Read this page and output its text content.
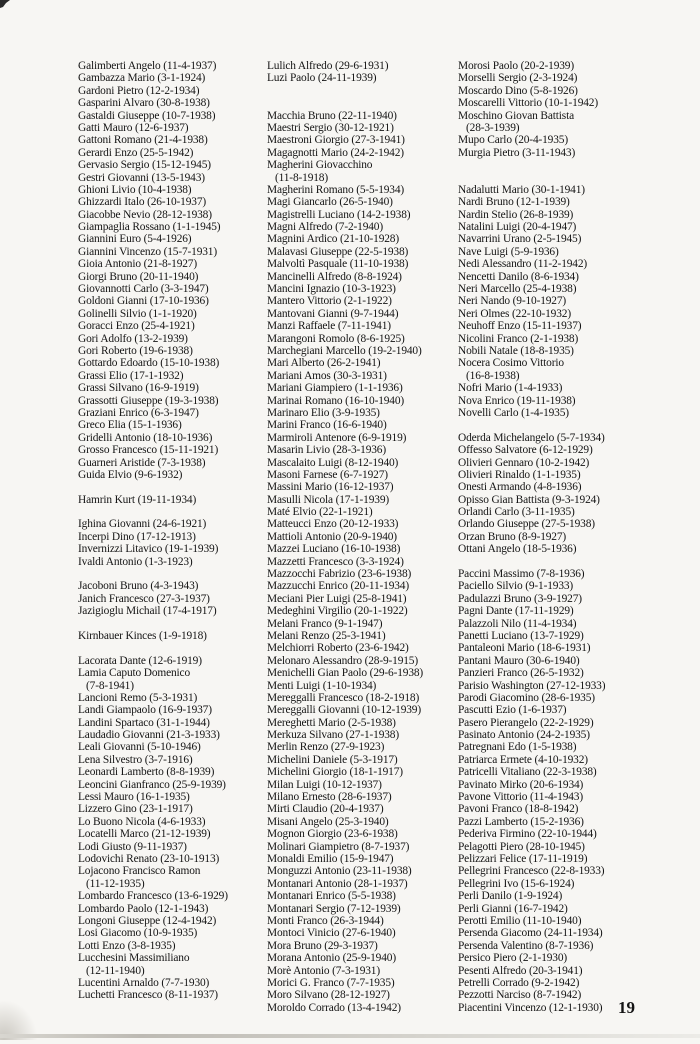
Galimberti Angelo (11-4-1937)
Gambazza Mario (3-1-1924)
Gardoni Pietro (12-2-1934)
Gasparini Alvaro (30-8-1938)
Gastaldi Giuseppe (10-7-1938)
Gatti Mauro (12-6-1937)
Gattoni Romano (21-4-1938)
Gerardi Enzo (25-5-1942)
Gervasio Sergio (15-12-1945)
Gestri Giovanni (13-5-1943)
Ghioni Livio (10-4-1938)
Ghizzardi Italo (26-10-1937)
Giacobbe Nevio (28-12-1938)
Giampaglia Rossano (1-1-1945)
Giannini Euro (5-4-1926)
Giannini Vincenzo (15-7-1931)
Gioia Antonio (21-8-1927)
Giorgi Bruno (20-11-1940)
Giovannotti Carlo (3-3-1947)
Goldoni Gianni (17-10-1936)
Golinelli Silvio (1-1-1920)
Goracci Enzo (25-4-1921)
Gori Adolfo (13-2-1939)
Gori Roberto (19-6-1938)
Gottardo Edoardo (15-10-1938)
Grassi Elio (17-1-1932)
Grassi Silvano (16-9-1919)
Grassotti Giuseppe (19-3-1938)
Graziani Enrico (6-3-1947)
Greco Elia (15-1-1936)
Gridelli Antonio (18-10-1936)
Grosso Francesco (15-11-1921)
Guarneri Aristide (7-3-1938)
Guida Elvio (9-6-1932)
Hamrin Kurt (19-11-1934)
Ighina Giovanni (24-6-1921)
Incerpi Dino (17-12-1913)
Invernizzi Litavico (19-1-1939)
Ivaldi Antonio (1-3-1923)
Jacoboni Bruno (4-3-1943)
Janich Francesco (27-3-1937)
Jazigioglu Michail (17-4-1917)
Kirnbauer Kinces (1-9-1918)
Lacorata Dante (12-6-1919)
Lamia Caputo Domenico
(7-8-1941)
Lancioni Remo (5-3-1931)
Landi Giampaolo (16-9-1937)
Landini Spartaco (31-1-1944)
Laudadio Giovanni (21-3-1933)
Leali Giovanni (5-10-1946)
Lena Silvestro (3-7-1916)
Leonardi Lamberto (8-8-1939)
Leoncini Gianfranco (25-9-1939)
Lessi Mauro (16-1-1935)
Lizzero Gino (23-1-1917)
Lo Buono Nicola (4-6-1933)
Locatelli Marco (21-12-1939)
Lodi Giusto (9-11-1937)
Lodovichi Renato (23-10-1913)
Lojacono Francisco Ramon
(11-12-1935)
Lombardo Francesco (13-6-1929)
Lombardo Paolo (12-1-1943)
Longoni Giuseppe (12-4-1942)
Losi Giacomo (10-9-1935)
Lotti Enzo (3-8-1935)
Lucchesini Massimiliano
(12-11-1940)
Lucentini Arnaldo (7-7-1930)
Luchetti Francesco (8-11-1937)
Lulich Alfredo (29-6-1931)
Luzi Paolo (24-11-1939)
Macchia Bruno (22-11-1940)
Maestri Sergio (30-12-1921)
Maestroni Giorgio (27-3-1941)
Magagnotti Mario (24-2-1942)
Magherini Giovacchino
(11-8-1918)
Magherini Romano (5-5-1934)
Magi Giancarlo (26-5-1940)
Magistrelli Luciano (14-2-1938)
Magni Alfredo (7-2-1940)
Magnini Ardico (21-10-1928)
Malavasi Giuseppe (22-5-1938)
Malvoltì Pasquale (11-10-1938)
Mancinelli Alfredo (8-8-1924)
Mancini Ignazio (10-3-1923)
Mantero Vittorio (2-1-1922)
Mantovani Gianni (9-7-1944)
Manzi Raffaele (7-11-1941)
Marangoni Romolo (8-6-1925)
Marchegiani Marcello (19-2-1940)
Mari Alberto (26-2-1941)
Mariani Amos (30-3-1931)
Mariani Giampiero (1-1-1936)
Marinai Romano (16-10-1940)
Marinaro Elio (3-9-1935)
Marini Franco (16-6-1940)
Marmiroli Antenore (6-9-1919)
Masarin Livio (28-3-1936)
Mascalaito Luigi (8-12-1940)
Masoni Farnese (6-7-1927)
Massini Mario (16-12-1937)
Masulli Nicola (17-1-1939)
Maté Elvio (22-1-1921)
Matteucci Enzo (20-12-1933)
Mattioli Antonio (20-9-1940)
Mazzei Luciano (16-10-1938)
Mazzetti Francesco (3-3-1924)
Mazzocchi Fabrizio (23-6-1938)
Mazzucchi Enrico (20-11-1934)
Meciani Pier Luigi (25-8-1941)
Medeghini Virgilio (20-1-1922)
Melani Franco (9-1-1947)
Melani Renzo (25-3-1941)
Melchiorri Roberto (23-6-1942)
Melonaro Alessandro (28-9-1915)
Menichelli Gian Paolo (29-6-1938)
Menti Luigi (1-10-1934)
Mereggalli Francesco (18-2-1918)
Mereggalli Giovanni (10-12-1939)
Mereghetti Mario (2-5-1938)
Merkuza Silvano (27-1-1938)
Merlin Renzo (27-9-1923)
Michelini Daniele (5-3-1917)
Michelini Giorgio (18-1-1917)
Milan Luigi (10-12-1937)
Milano Ernesto (28-6-1937)
Mirti Claudio (20-4-1937)
Misani Angelo (25-3-1940)
Mognon Giorgio (23-6-1938)
Molinari Giampietro (8-7-1937)
Monaldi Emilio (15-9-1947)
Monguzzi Antonio (23-11-1938)
Montanari Antonio (28-1-1937)
Montanari Enrico (5-5-1938)
Montanari Sergio (7-12-1939)
Monti Franco (26-3-1944)
Montoci Vinicio (27-6-1940)
Mora Bruno (29-3-1937)
Morana Antonio (25-9-1940)
Morè Antonio (7-3-1931)
Morici G. Franco (7-7-1935)
Moro Silvano (28-12-1927)
Moroldo Corrado (13-4-1942)
Morosi Paolo (20-2-1939)
Morselli Sergio (2-3-1924)
Moscardo Dino (5-8-1926)
Moscarelli Vittorio (10-1-1942)
Moschino Giovan Battista
(28-3-1939)
Mupo Carlo (20-4-1935)
Murgia Pietro (3-11-1943)
Nadalutti Mario (30-1-1941)
Nardi Bruno (12-1-1939)
Nardin Stelio (26-8-1939)
Natalini Luigi (20-4-1947)
Navarrini Urano (2-5-1945)
Nave Luigi (5-9-1936)
Nedi Alessandro (11-2-1942)
Nencetti Danilo (8-6-1934)
Neri Marcello (25-4-1938)
Neri Nando (9-10-1927)
Neri Olmes (22-10-1932)
Neuhoff Enzo (15-11-1937)
Nicolini Franco (2-1-1938)
Nobili Natale (18-8-1935)
Nocera Cosimo Vittorio
(16-8-1938)
Nofri Mario (1-4-1933)
Nova Enrico (19-11-1938)
Novelli Carlo (1-4-1935)
Oderda Michelangelo (5-7-1934)
Offesso Salvatore (6-12-1929)
Olivieri Gennaro (10-2-1942)
Olivieri Rinaldo (1-1-1935)
Onesti Armando (4-8-1936)
Opisso Gian Battista (9-3-1924)
Orlandi Carlo (3-11-1935)
Orlando Giuseppe (27-5-1938)
Orzan Bruno (8-9-1927)
Ottani Angelo (18-5-1936)
Paccini Massimo (7-8-1936)
Paciello Silvio (9-1-1933)
Padulazzi Bruno (3-9-1927)
Pagni Dante (17-11-1929)
Palazzoli Nilo (11-4-1934)
Panetti Luciano (13-7-1929)
Pantaleoni Mario (18-6-1931)
Pantani Mauro (30-6-1940)
Panzieri Franco (26-5-1932)
Parisio Washington (27-12-1933)
Parodi Giacomino (28-6-1935)
Pascutti Ezio (1-6-1937)
Pasero Pierangelo (22-2-1929)
Pasinato Antonio (24-2-1935)
Patregnani Edo (1-5-1938)
Patriarca Ermete (4-10-1932)
Patricelli Vitaliano (22-3-1938)
Pavinato Mirko (20-6-1934)
Pavone Vittorio (11-4-1943)
Pavoni Franco (18-8-1942)
Pazzi Lamberto (15-2-1936)
Pederiva Firmino (22-10-1944)
Pelagotti Piero (28-10-1945)
Pelizzari Felice (17-11-1919)
Pellegrini Francesco (22-8-1933)
Pellegrini Ivo (15-6-1924)
Perli Danilo (1-9-1924)
Perli Gianni (16-7-1942)
Perotti Emilio (11-10-1940)
Persenda Giacomo (24-11-1934)
Persenda Valentino (8-7-1936)
Persico Piero (2-1-1930)
Pesenti Alfredo (20-3-1941)
Petrelli Corrado (9-2-1942)
Pezzotti Narciso (8-7-1942)
Piacentini Vincenzo (12-1-1930) 19
